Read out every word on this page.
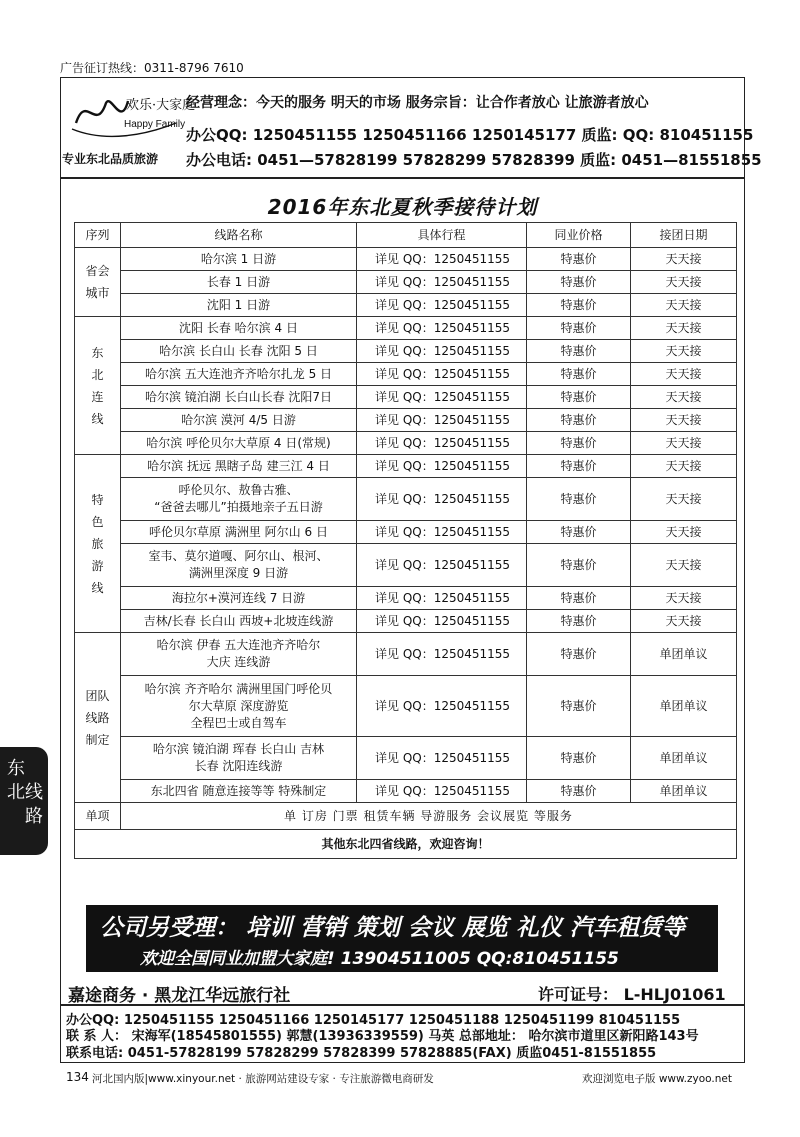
广告征订热线：0311-8796 7610
欢乐·大家庭
Happy Family
专业东北品质旅游
经营理念：今天的服务 明天的市场 服务宗旨：让合作者放心 让旅游者放心
办公QQ: 1250451155 1250451166 1250145177 质监: QQ: 810451155
办公电话: 0451—57828199 57828299 57828399 质监: 0451—81551855
2016年东北夏秋季接待计划
序列	线路名称	具体行程	同业价格	接团日期

省会城市	哈尔滨 1 日游	详见 QQ：1250451155	特惠价	天天接
	长春 1 日游	详见 QQ：1250451155	特惠价	天天接
	沈阳 1 日游	详见 QQ：1250451155	特惠价	天天接

东北连线	沈阳 长春 哈尔滨 4 日	详见 QQ：1250451155	特惠价	天天接
	哈尔滨 长白山 长春 沈阳 5 日	详见 QQ：1250451155	特惠价	天天接
	哈尔滨 五大连池齐齐哈尔扎龙 5 日	详见 QQ：1250451155	特惠价	天天接
	哈尔滨 镜泊湖 长白山长春 沈阳7日	详见 QQ：1250451155	特惠价	天天接
	哈尔滨 漠河 4/5 日游	详见 QQ：1250451155	特惠价	天天接
	哈尔滨 呼伦贝尔大草原 4 日(常规)	详见 QQ：1250451155	特惠价	天天接

特色旅游线	哈尔滨 抚远 黑瞎子岛 建三江 4 日	详见 QQ：1250451155	特惠价	天天接
	呼伦贝尔、敖鲁古雅、
“爸爸去哪儿”拍摄地亲子五日游	详见 QQ：1250451155	特惠价	天天接
	呼伦贝尔草原 满洲里 阿尔山 6 日	详见 QQ：1250451155	特惠价	天天接
	室韦、莫尔道嘎、阿尔山、根河、
满洲里深度 9 日游	详见 QQ：1250451155	特惠价	天天接
	海拉尔+漠河连线 7 日游	详见 QQ：1250451155	特惠价	天天接
	吉林/长春 长白山 西坡+北坡连线游	详见 QQ：1250451155	特惠价	天天接

团队线路制定	哈尔滨 伊春 五大连池齐齐哈尔
大庆 连线游	详见 QQ：1250451155	特惠价	单团单议
	哈尔滨 齐齐哈尔 满洲里国门呼伦贝
尔大草原 深度游览
全程巴士或自驾车	详见 QQ：1250451155	特惠价	单团单议
	哈尔滨 镜泊湖 珲春 长白山 吉林
长春 沈阳连线游	详见 QQ：1250451155	特惠价	单团单议
	东北四省 随意连接等等 特殊制定	详见 QQ：1250451155	特惠价	单团单议
单项	单 订房 门票 租赁车辆 导游服务 会议展览 等服务			
其他东北四省线路，欢迎咨询！				
公司另受理： 培训 营销 策划 会议 展览 礼仪 汽车租赁等
欢迎全国同业加盟大家庭! 13904511005 QQ:810451155
嘉途商务 · 黑龙江华远旅行社	许可证号： L-HLJ01061
办公QQ: 1250451155 1250451166 1250145177 1250451188 1250451199 810451155
联 系 人： 宋海军(18545801555) 郭慧(13936339559) 马英 总部地址： 哈尔滨市道里区新阳路143号
联系电话: 0451-57828199 57828299 57828399 57828885(FAX) 质监0451-81551855
134 河北国内版|www.xinyour.net · 旅游网站建设专家 · 专注旅游微电商研发	欢迎浏览电子版 www.zyoo.net
东北 线路
